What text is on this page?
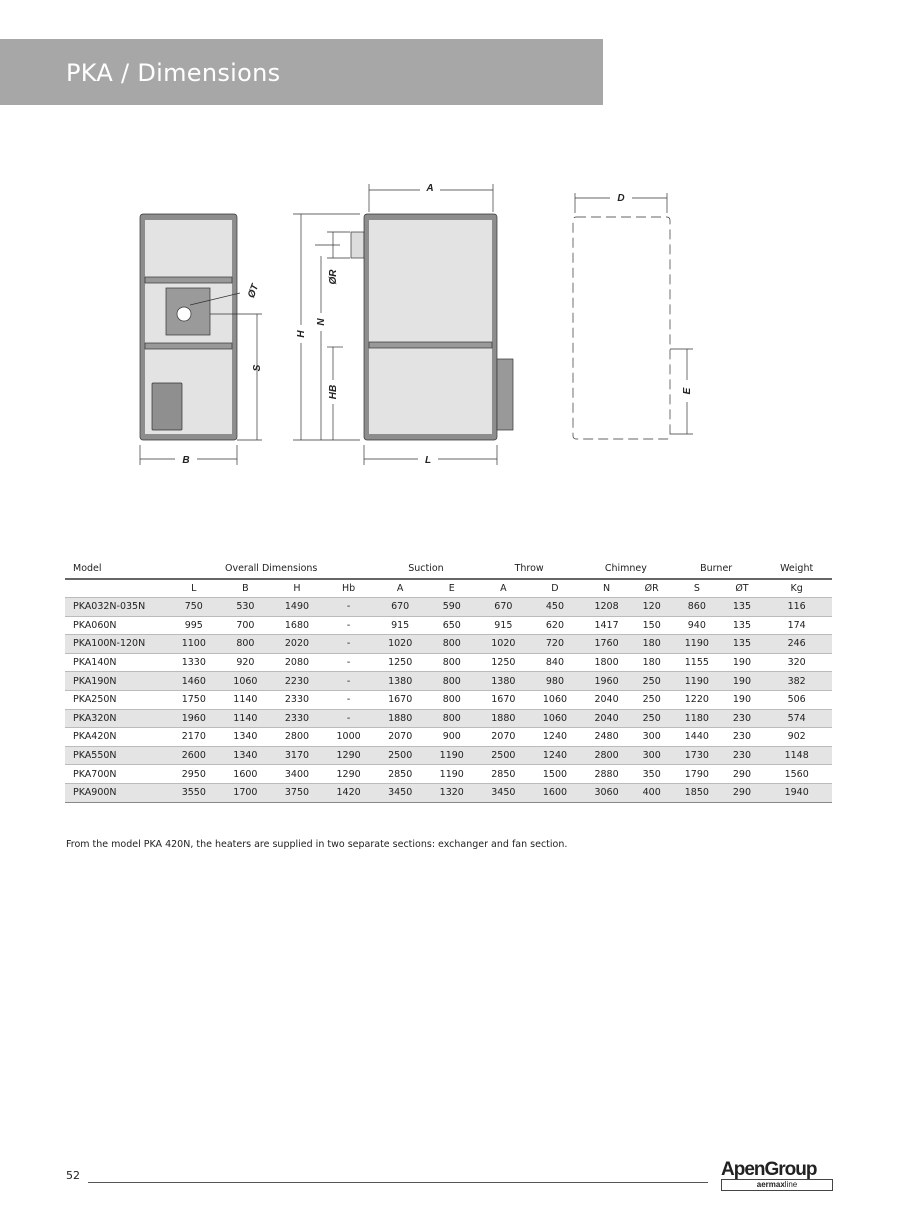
PKA / Dimensions
A
D
B	L
H
N
ØR
HB
S
E
ØT
Model	Overall Dimensions				Suction		Throw		Chimney		Burner		Weight
	L	B	H	Hb	A	E	A	D	N	ØR	S	ØT	Kg
PKA032N-035N	750	530	1490	-	670	590	670	450	1208	120	860	135	116
PKA060N	995	700	1680	-	915	650	915	620	1417	150	940	135	174
PKA100N-120N	1100	800	2020	-	1020	800	1020	720	1760	180	1190	135	246
PKA140N	1330	920	2080	-	1250	800	1250	840	1800	180	1155	190	320
PKA190N	1460	1060	2230	-	1380	800	1380	980	1960	250	1190	190	382
PKA250N	1750	1140	2330	-	1670	800	1670	1060	2040	250	1220	190	506
PKA320N	1960	1140	2330	-	1880	800	1880	1060	2040	250	1180	230	574
PKA420N	2170	1340	2800	1000	2070	900	2070	1240	2480	300	1440	230	902
PKA550N	2600	1340	3170	1290	2500	1190	2500	1240	2800	300	1730	230	1148
PKA700N	2950	1600	3400	1290	2850	1190	2850	1500	2880	350	1790	290	1560
PKA900N	3550	1700	3750	1420	3450	1320	3450	1600	3060	400	1850	290	1940
From the model PKA 420N, the heaters are supplied in two separate sections: exchanger and fan section.
52	ApenGroup
aermaxline
